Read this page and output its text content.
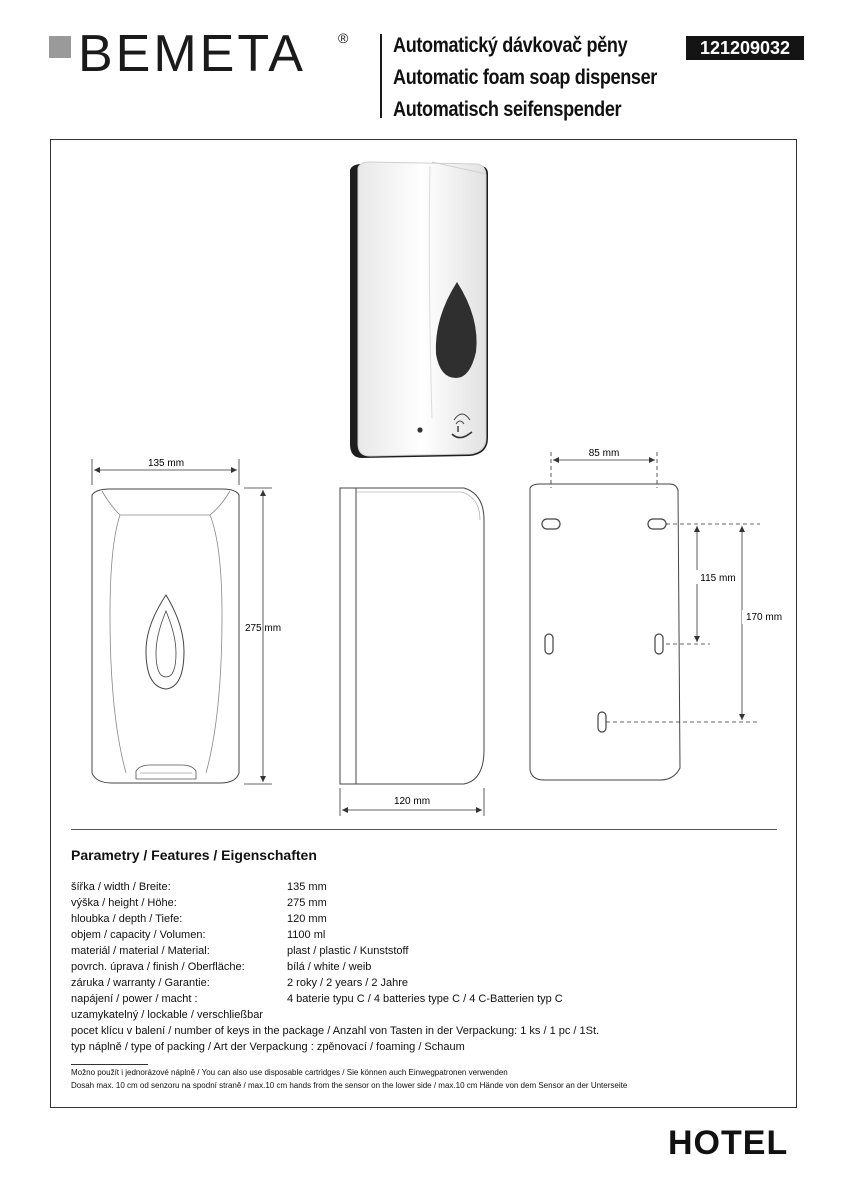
BEMETA ® Automatický dávkovač pěny
Automatic foam soap dispenser
Automatisch seifenspender
121209032
135 mm
275 mm
120 mm
85 mm
115 mm
170 mm
Parametry / Features / Eigenschaften
šířka / width / Breite:	135 mm
výška / height / Höhe:	275 mm
hloubka / depth / Tiefe:	120 mm
objem / capacity / Volumen:	1100 ml
materiál / material / Material:	plast / plastic / Kunststoff
povrch. úprava / finish / Oberfläche:	bílá / white / weib
záruka / warranty / Garantie:	2 roky / 2 years / 2 Jahre
napájení / power / macht :	4 baterie typu C / 4 batteries type C / 4 C-Batterien typ C
uzamykatelný / lockable / verschließbar
pocet klícu v balení / number of keys in the package / Anzahl von Tasten in der Verpackung: 1 ks / 1 pc / 1St.
typ náplně / type of packing / Art der Verpackung : zpěnovací / foaming / Schaum
Možno použít i jednorázové náplně / You can also use disposable cartridges / Sie können auch Einwegpatronen verwenden
Dosah max. 10 cm od senzoru na spodní straně / max.10 cm hands from the sensor on the lower side / max.10 cm Hände von dem Sensor an der Unterseite
HOTEL
